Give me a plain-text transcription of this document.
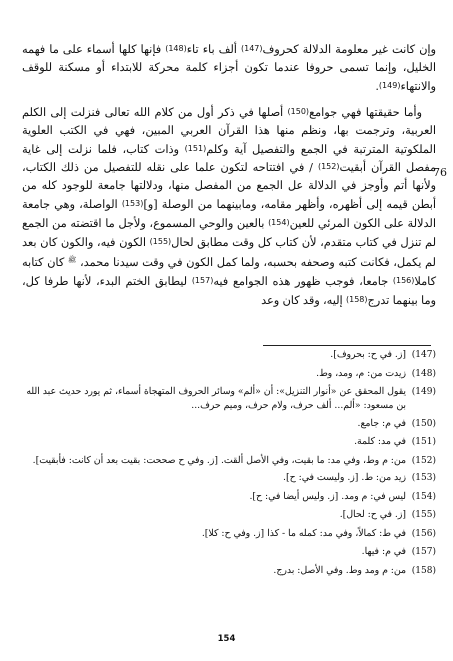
76

وإن كانت غير معلومة الدلالة كحروف(147) ألف باء تاء(148) فإنها كلها أسماء على ما فهمه الخليل، وإنما تسمى حروفا عندما تكون أجزاء كلمة محركة للابتداء أو مسكنة للوقف والانتهاء(149).

وأما حقيقتها فهي جوامع(150) أصلها في ذكر أول من كلام الله تعالى فنزلت إلى الكلم العربية، وترجمت بها، ونظم منها هذا القرآن العربي المبين، فهي في الكتب العلوية الملكوتية المترتبة في الجمع والتفصيل آية وكلم(151) وذات كتاب، فلما نزلت إلى غاية مفصل القرآن أبقيت(152) / في افتتاحه لتكون علما على نقله للتفصيل من ذلك الكتاب، ولأنها أتم وأوجز في الدلالة عل الجمع من المفصل منها، ودلالتها جامعة للوجود كله من أبطن قيمه إلى أظهره، وأظهر مقامه، ومابينهما من الوصلة [و](153) الواصلة، وهي جامعة الدلالة على الكون المرئي للعين(154) بالعين والوحي المسموع، ولأجل ما اقتضته من الجمع لم تنزل في كتاب متقدم، لأن كتاب كل وقت مطابق لحال(155) الكون فيه، والكون كان بعد لم يكمل، فكانت كتبه وصحفه بحسبه، ولما كمل الكون في وقت سيدنا محمد، $^ﷺ$ كان كتابه كاملا(156) جامعا، فوجب ظهور هذه الجوامع فيه(157) ليطابق الختم البدء، لأنها طرفا كل، وما بينهما تدرج(158) إليه، وقد كان وعد

(147)
[ز. في ح: بحروف].
(148)
زيدت من: م، ومد، وط.
(149)
يقول المحقق عن «أنوار التنزيل»: أن «ألم» وسائر الحروف المتهجاة أسماء، ثم يورد حديث عبد الله بن مسعود: «ألم... ألف حرف، ولام حرف، وميم حرف...
(150)
في م: جامع.
(151)
في مد: كلمة.
(152)
من: م وط، وفي مد: ما بقيت، وفي الأصل ألقت. [ز. وفي ح صححت: بقيت بعد أن كانت: فأبقيت].
(153)
زيد من: ط. [ز. وليست في: ح].
(154)
ليس في: م ومد. [ز. وليس أيضا في: ح].
(155)
[ز. في ح: لحال].
(156)
في ط: كمالاً، وفي مد: كمله ما - كذا [ز. وفي ح: كلا].
(157)
في م: فيها.
(158)
من: م ومد وط. وفي الأصل: بدرج.
154
